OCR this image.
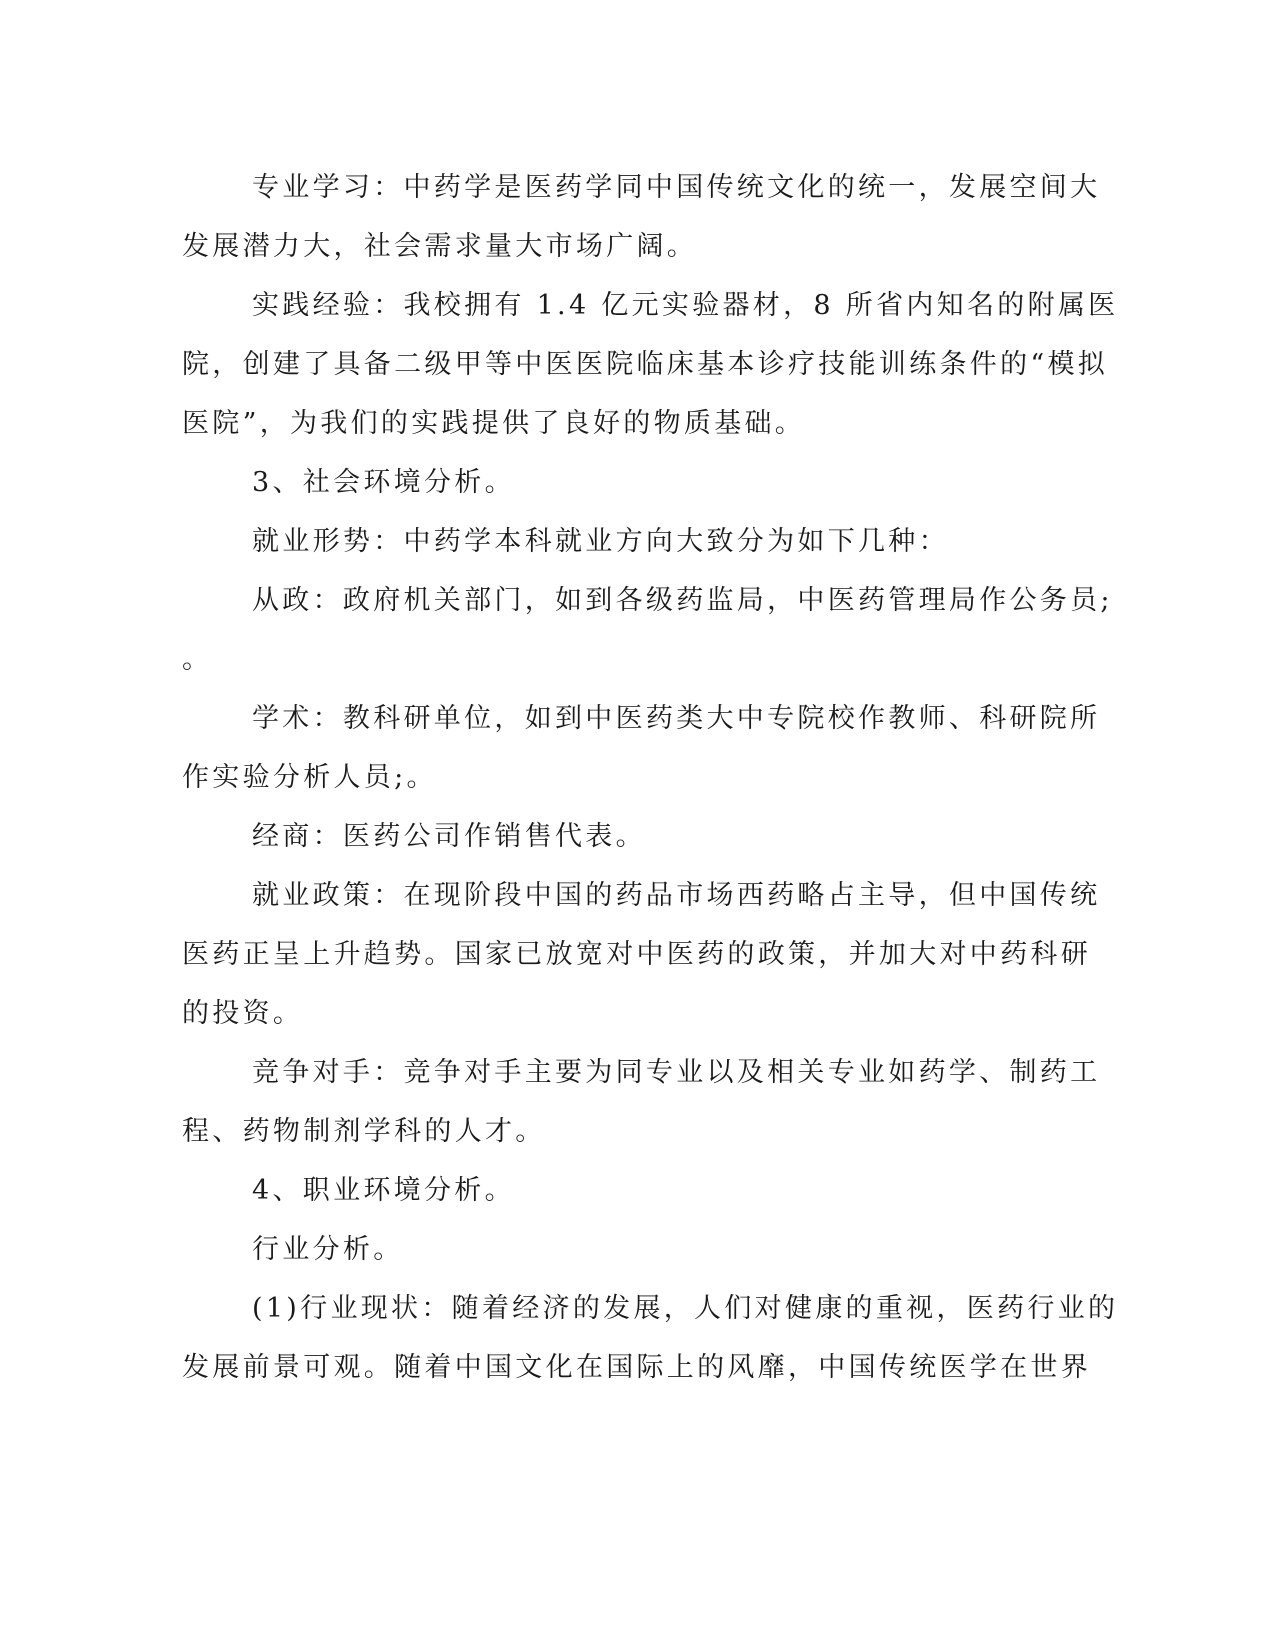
专业学习：中药学是医药学同中国传统文化的统一，发展空间大
发展潜力大，社会需求量大市场广阔。
实践经验：我校拥有 1.4 亿元实验器材，8 所省内知名的附属医
院，创建了具备二级甲等中医医院临床基本诊疗技能训练条件的“模拟
医院”，为我们的实践提供了良好的物质基础。
3、社会环境分析。
就业形势：中药学本科就业方向大致分为如下几种：
从政：政府机关部门，如到各级药监局，中医药管理局作公务员;
。
学术：教科研单位，如到中医药类大中专院校作教师、科研院所
作实验分析人员;。
经商：医药公司作销售代表。
就业政策：在现阶段中国的药品市场西药略占主导，但中国传统
医药正呈上升趋势。国家已放宽对中医药的政策，并加大对中药科研
的投资。
竞争对手：竞争对手主要为同专业以及相关专业如药学、制药工
程、药物制剂学科的人才。
4、职业环境分析。
行业分析。
(1)行业现状：随着经济的发展，人们对健康的重视，医药行业的
发展前景可观。随着中国文化在国际上的风靡，中国传统医学在世界
